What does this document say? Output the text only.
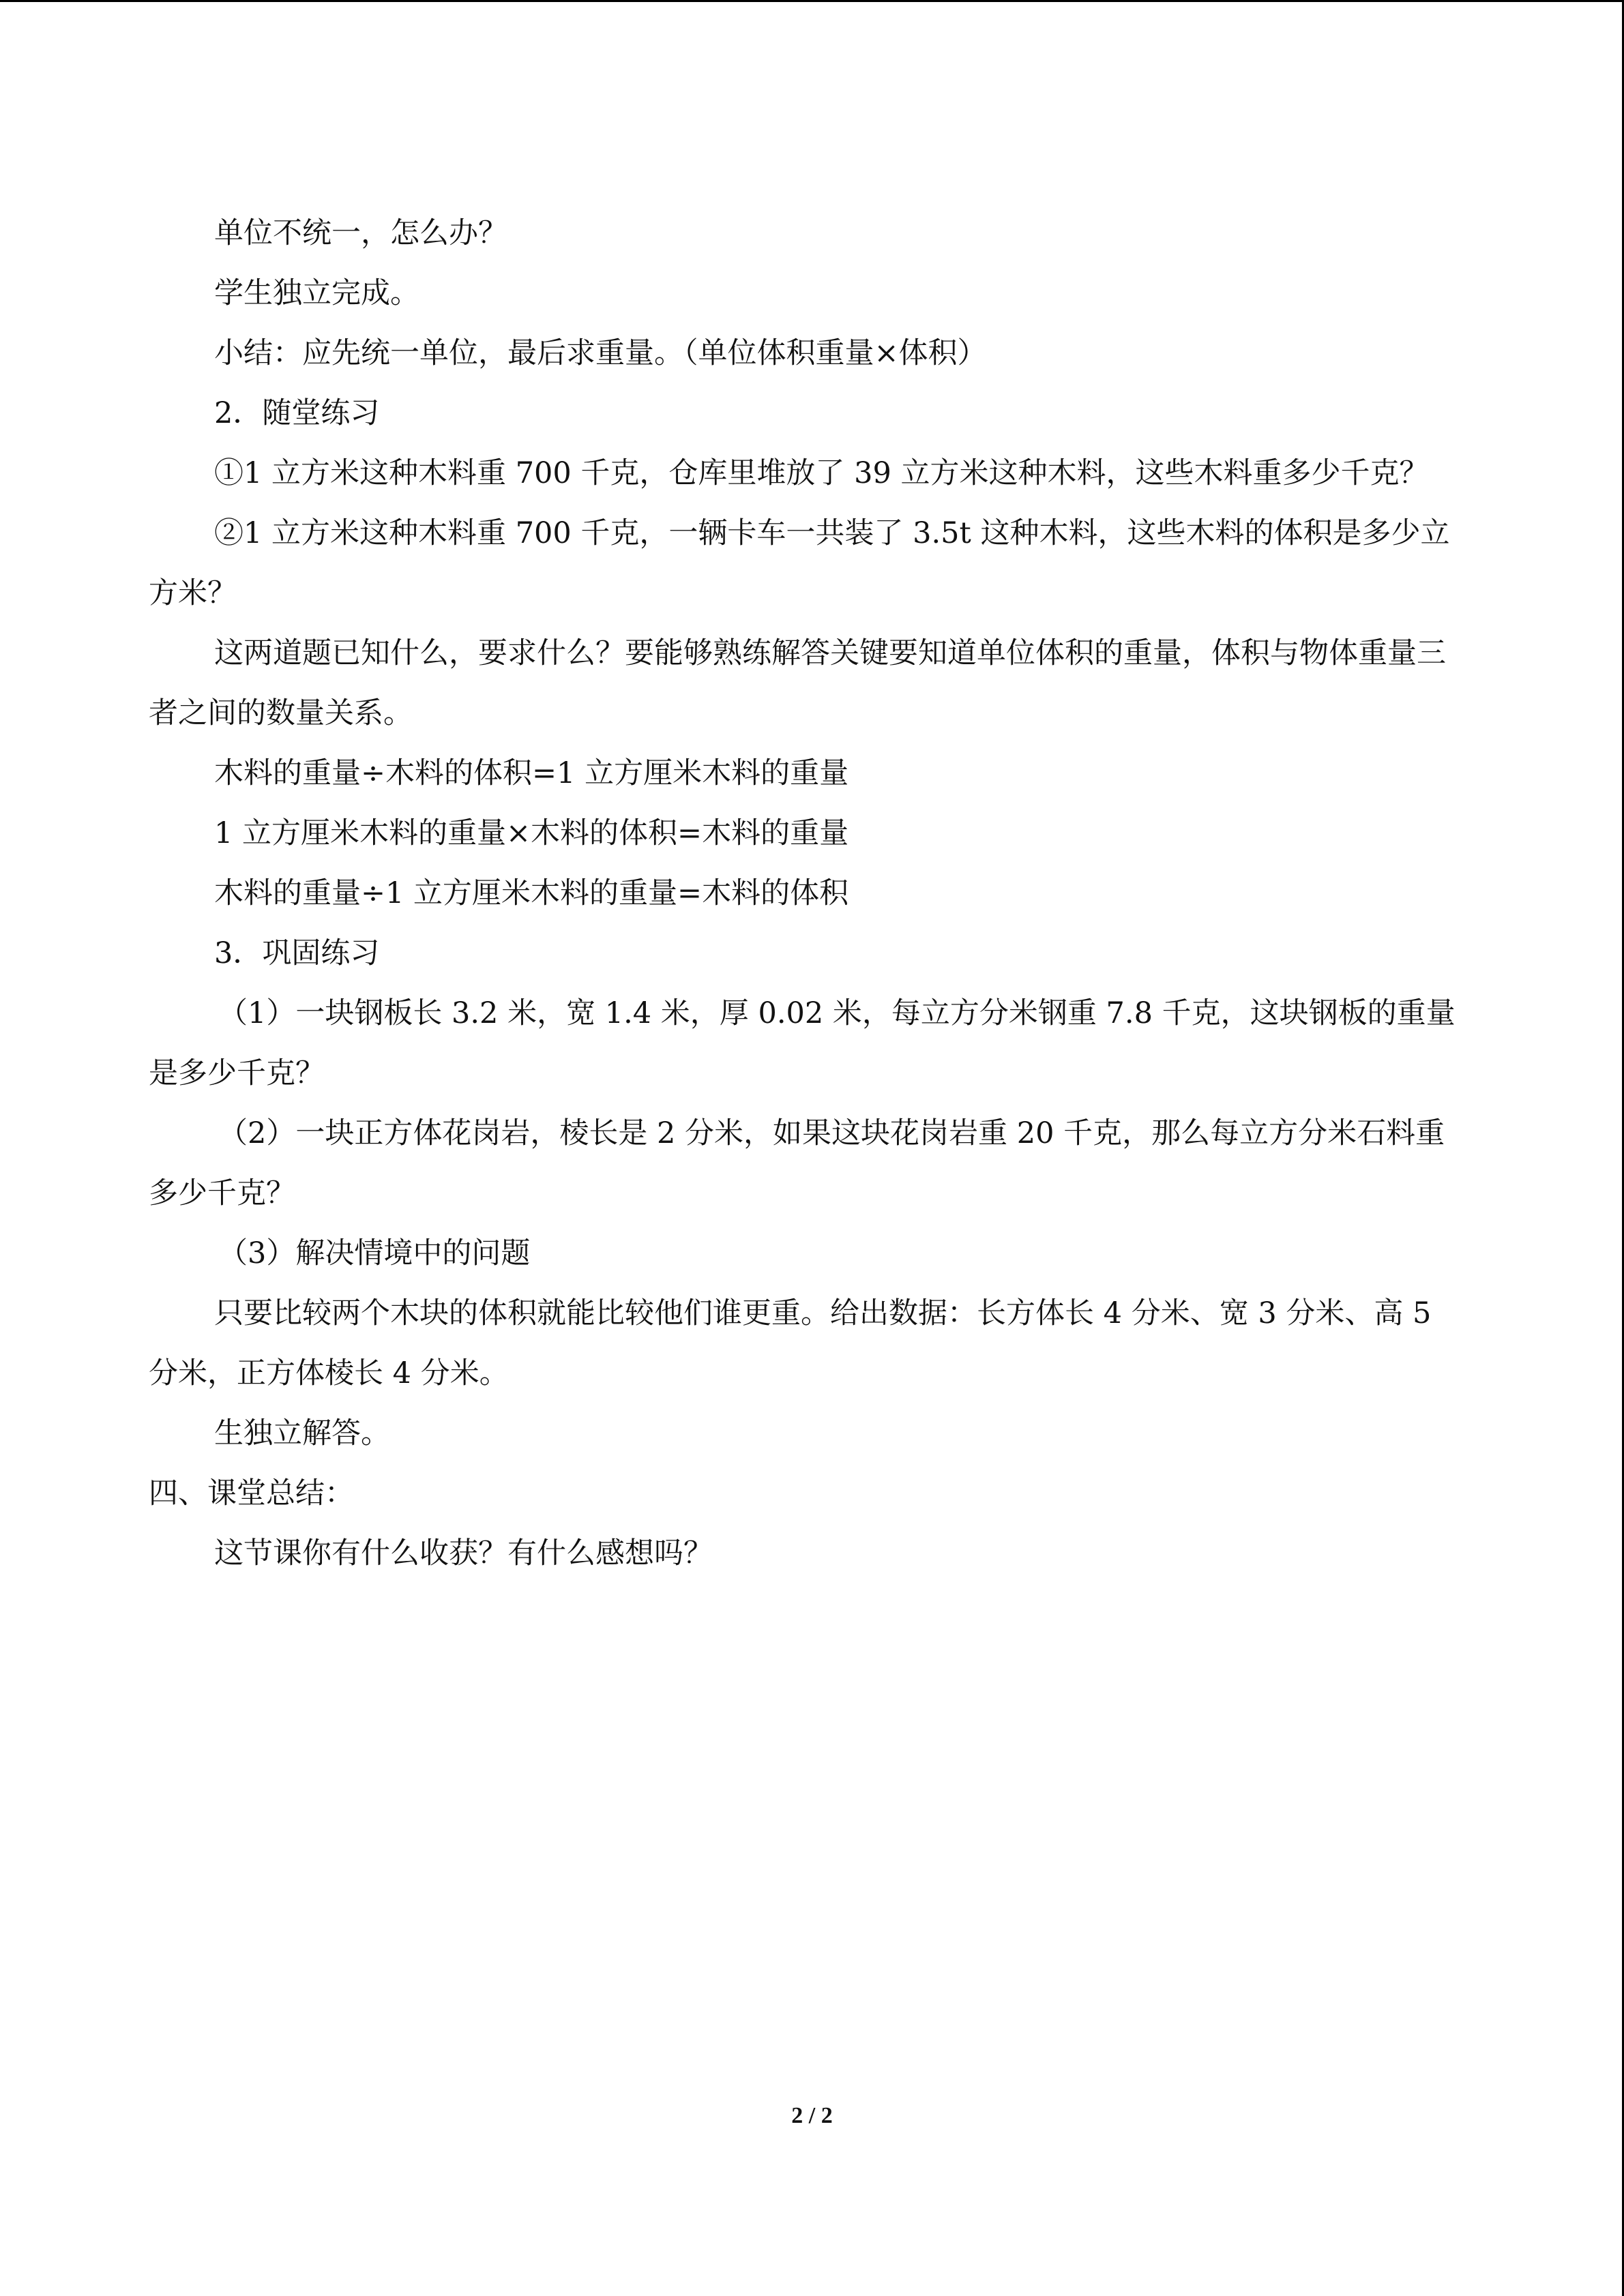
单位不统一，怎么办？

学生独立完成。

小结：应先统一单位，最后求重量。（单位体积重量×体积）

2．随堂练习

①1 立方米这种木料重 700 千克，仓库里堆放了 39 立方米这种木料，这些木料重多少千克？

②1 立方米这种木料重 700 千克，一辆卡车一共装了 3.5t 这种木料，这些木料的体积是多少立方米？

这两道题已知什么，要求什么？要能够熟练解答关键要知道单位体积的重量，体积与物体重量三者之间的数量关系。

木料的重量÷木料的体积=1 立方厘米木料的重量

1 立方厘米木料的重量×木料的体积=木料的重量

木料的重量÷1 立方厘米木料的重量=木料的体积

3．巩固练习

（1）一块钢板长 3.2 米，宽 1.4 米，厚 0.02 米，每立方分米钢重 7.8 千克，这块钢板的重量是多少千克？

（2）一块正方体花岗岩，棱长是 2 分米，如果这块花岗岩重 20 千克，那么每立方分米石料重多少千克？

（3）解决情境中的问题

只要比较两个木块的体积就能比较他们谁更重。给出数据：长方体长 4 分米、宽 3 分米、高 5 分米，正方体棱长 4 分米。

生独立解答。

四、课堂总结：

这节课你有什么收获？有什么感想吗？

2 / 2
